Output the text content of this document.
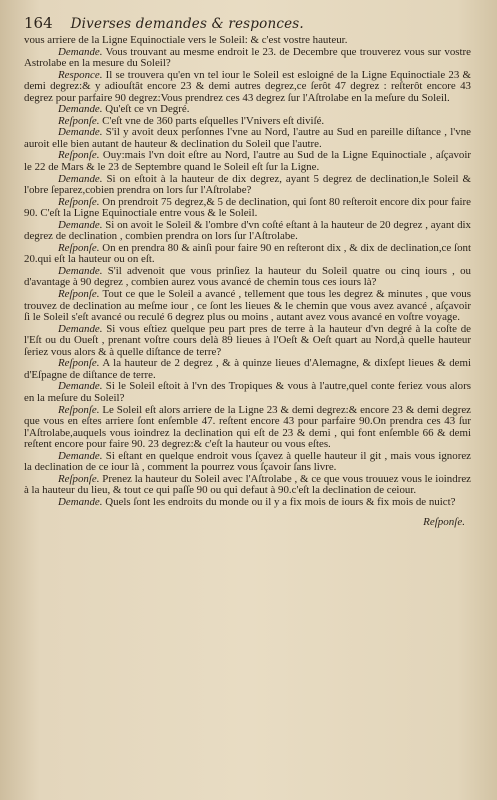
164 Diverses demandes & responces.

vous arriere de la Ligne Equinoctiale vers le Soleil: & c'est vostre hauteur.

Demande. Vous trouvant au mesme endroit le 23. de Decembre que trouverez vous sur vostre Astrolabe en la mesure du Soleil?

Responce. Il se trouvera qu'en vn tel iour le Soleil est esloigné de la Ligne Equinoctiale 23 & demi degrez:& y adiouſtât encore 23 & demi autres degrez,ce ſerôt 47 degrez : reſterôt encore 43 degrez pour parfaire 90 degrez:Vous prendrez ces 43 degrez ſur l'Aſtrolabe en la meſure du Soleil.

Demande. Qu'eſt ce vn Degré.

Reſponſe. C'eſt vne de 360 parts eſquelles l'Vnivers eſt diviſé.

Demande. S'il y avoit deux perſonnes l'vne au Nord, l'autre au Sud en pareille diſtance , l'vne auroit elle bien autant de hauteur & declination du Soleil que l'autre.

Reſponſe. Ouy:mais l'vn doit eſtre au Nord, l'autre au Sud de la Ligne Equinoctiale , aſçavoir le 22 de Mars & le 23 de Septembre quand le Soleil eſt ſur la Ligne.

Demande. Si on eſtoit à la hauteur de dix degrez, ayant 5 degrez de declination,le Soleil & l'obre ſeparez,cobien prendra on lors ſur l'Aſtrolabe?

Reſponſe. On prendroit 75 degrez,& 5 de declination, qui ſont 80 reſteroit encore dix pour faire 90. C'eſt la Ligne Equinoctiale entre vous & le Soleil.

Demande. Si on avoit le Soleil & l'ombre d'vn coſté eſtant à la hauteur de 20 degrez , ayant dix degrez de declination , combien prendra on lors ſur l'Aſtrolabe.

Reſponſe. On en prendra 80 & ainſi pour faire 90 en reſteront dix , & dix de declination,ce ſont 20.qui eſt la hauteur ou on eſt.

Demande. S'il advenoit que vous prinſiez la hauteur du Soleil quatre ou cinq iours , ou d'avantage à 90 degrez , combien aurez vous avancé de chemin tous ces iours là?

Reſponſe. Tout ce que le Soleil a avancé , tellement que tous les degrez & minutes , que vous trouvez de declination au meſme iour , ce ſont les lieues & le chemin que vous avez avancé , aſçavoir ſi le Soleil s'eſt avancé ou reculé 6 degrez plus ou moins , autant avez vous avancé en voſtre voyage.

Demande. Si vous eſtiez quelque peu part pres de terre à la hauteur d'vn degré à la coſte de l'Eſt ou du Oueſt , prenant voſtre cours delà 89 lieues à l'Oeſt & Oeſt quart au Nord,à quelle hauteur ſeriez vous alors & à quelle diſtance de terre?

Reſponſe. A la hauteur de 2 degrez , & à quinze lieues d'Alemagne, & dixſept lieues & demi d'Eſpagne de diſtance de terre.

Demande. Si le Soleil eſtoit à l'vn des Tropiques & vous à l'autre,quel conte feriez vous alors en la meſure du Soleil?

Reſponſe. Le Soleil eſt alors arriere de la Ligne 23 & demi degrez:& encore 23 & demi degrez que vous en eſtes arriere ſont enſemble 47. reſtent encore 43 pour parfaire 90.On prendra ces 43 ſur l'Aſtrolabe,auquels vous ioindrez la declination qui eſt de 23 & demi , qui font enſemble 66 & demi reſtent encore pour faire 90. 23 degrez:& c'eſt la hauteur ou vous eſtes.

Demande. Si eſtant en quelque endroit vous ſçavez à quelle hauteur il git , mais vous ignorez la declination de ce iour là , comment la pourrez vous ſçavoir ſans livre.

Reſponſe. Prenez la hauteur du Soleil avec l'Aſtrolabe , & ce que vous trouuez vous le ioindrez à la hauteur du lieu, & tout ce qui paſſe 90 ou qui defaut à 90.c'eſt la declination de ceiour.

Demande. Quels ſont les endroits du monde ou il y a fix mois de iours & fix mois de nuict?

Reſponſe.
